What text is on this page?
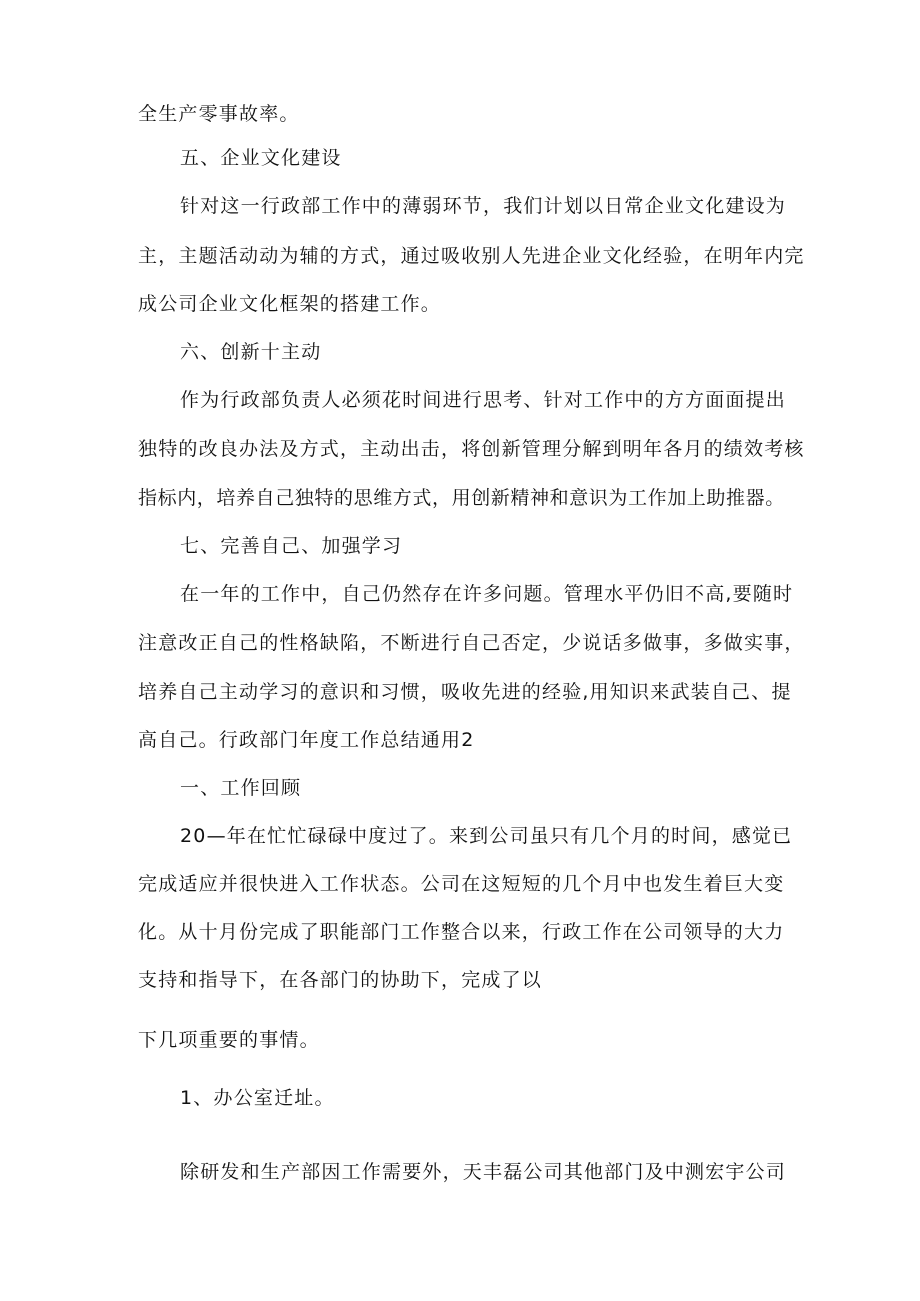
全生产零事故率。
五、企业文化建设
针对这一行政部工作中的薄弱环节，我们计划以日常企业文化建设为
主，主题活动动为辅的方式，通过吸收别人先进企业文化经验，在明年内完
成公司企业文化框架的搭建工作。
六、创新十主动
作为行政部负责人必须花时间进行思考、针对工作中的方方面面提出
独特的改良办法及方式，主动出击，将创新管理分解到明年各月的绩效考核
指标内，培养自己独特的思维方式，用创新精神和意识为工作加上助推器。
七、完善自己、加强学习
在一年的工作中，自己仍然存在许多问题。管理水平仍旧不高,要随时
注意改正自己的性格缺陷，不断进行自己否定，少说话多做事，多做实事，
培养自己主动学习的意识和习惯，吸收先进的经验,用知识来武装自己、提
高自己。行政部门年度工作总结通用2
一、工作回顾
20—年在忙忙碌碌中度过了。来到公司虽只有几个月的时间，感觉已
完成适应并很快进入工作状态。公司在这短短的几个月中也发生着巨大变
化。从十月份完成了职能部门工作整合以来，行政工作在公司领导的大力
支持和指导下，在各部门的协助下，完成了以
下几项重要的事情。
1、办公室迁址。
除研发和生产部因工作需要外，天丰磊公司其他部门及中测宏宇公司
